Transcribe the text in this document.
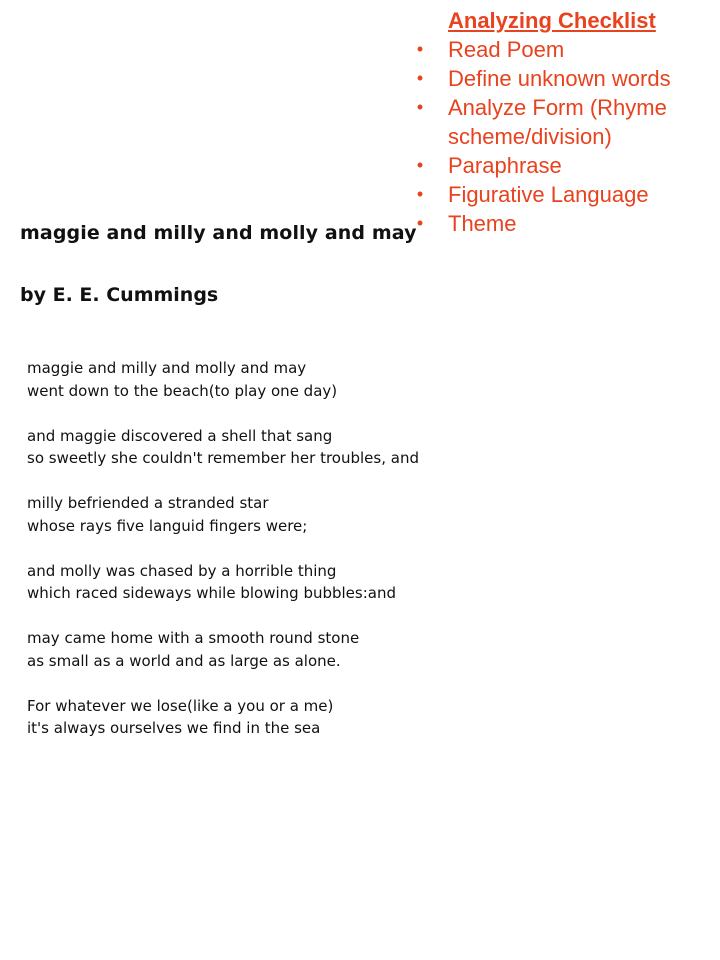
Analyzing Checklist
• Read Poem
• Define unknown words
• Analyze Form (Rhyme scheme/division)
• Paraphrase
• Figurative Language
• Theme
maggie and milly and molly and may
by E. E. Cummings
maggie and milly and molly and may
went down to the beach(to play one day)
and maggie discovered a shell that sang
so sweetly she couldn't remember her troubles, and
milly befriended a stranded star
whose rays five languid fingers were;
and molly was chased by a horrible thing
which raced sideways while blowing bubbles:and
may came home with a smooth round stone
as small as a world and as large as alone.
For whatever we lose(like a you or a me)
it's always ourselves we find in the sea
